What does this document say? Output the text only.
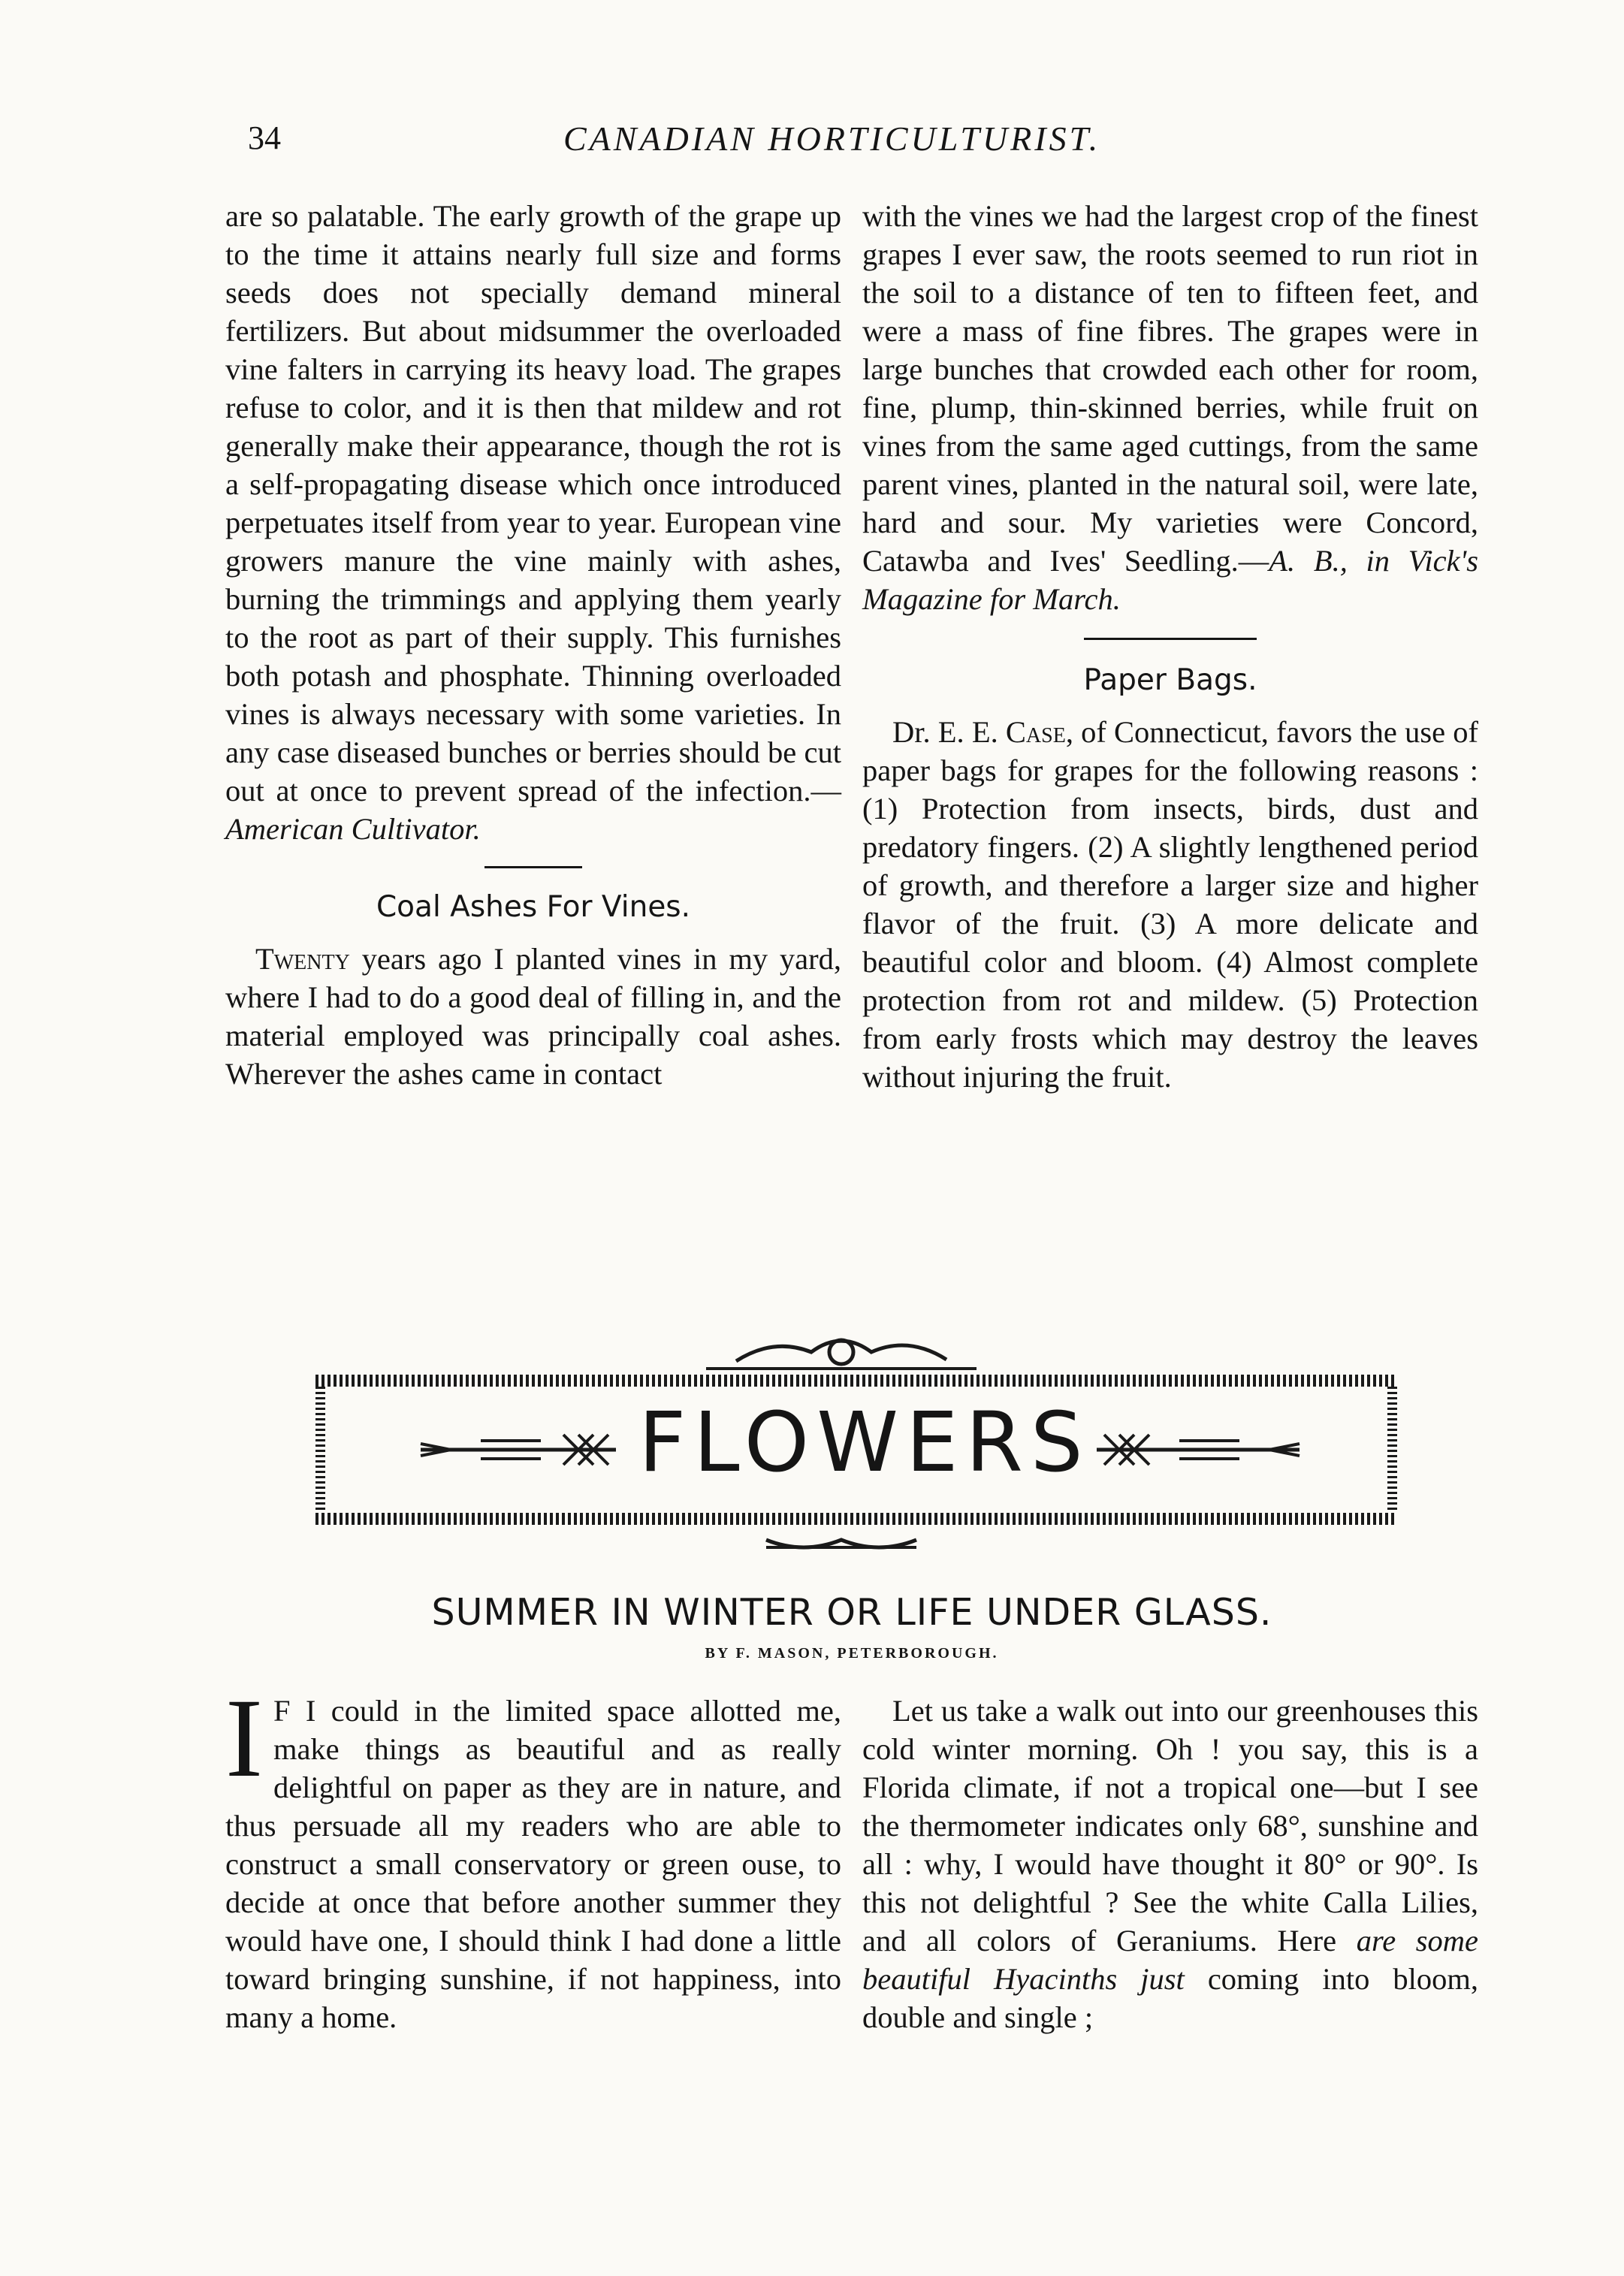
34	CANADIAN HORTICULTURIST.

are so palatable. The early growth of the grape up to the time it attains nearly full size and forms seeds does not specially demand mineral fertilizers. But about midsummer the overloaded vine falters in carrying its heavy load. The grapes refuse to color, and it is then that mildew and rot generally make their appearance, though the rot is a self-propagating disease which once introduced perpetuates itself from year to year. European vine growers manure the vine mainly with ashes, burning the trimmings and applying them yearly to the root as part of their supply. This furnishes both potash and phosphate. Thinning overloaded vines is always necessary with some varieties. In any case diseased bunches or berries should be cut out at once to prevent spread of the infection.—American Cultivator.

Coal Ashes For Vines.

Twenty years ago I planted vines in my yard, where I had to do a good deal of filling in, and the material employed was principally coal ashes. Wherever the ashes came in contact

with the vines we had the largest crop of the finest grapes I ever saw, the roots seemed to run riot in the soil to a distance of ten to fifteen feet, and were a mass of fine fibres. The grapes were in large bunches that crowded each other for room, fine, plump, thin-skinned berries, while fruit on vines from the same aged cuttings, from the same parent vines, planted in the natural soil, were late, hard and sour. My varieties were Concord, Catawba and Ives' Seedling.—A. B., in Vick's Magazine for March.

Paper Bags.

Dr. E. E. Case, of Connecticut, favors the use of paper bags for grapes for the following reasons : (1) Protection from insects, birds, dust and predatory fingers. (2) A slightly lengthened period of growth, and therefore a larger size and higher flavor of the fruit. (3) A more delicate and beautiful color and bloom. (4) Almost complete protection from rot and mildew. (5) Protection from early frosts which may destroy the leaves without injuring the fruit.

FLOWERS
SUMMER IN WINTER OR LIFE UNDER GLASS.
BY F. MASON, PETERBOROUGH.

I F I could in the limited space allotted me, make things as beautiful and as really delightful on paper as they are in nature, and thus persuade all my readers who are able to construct a small conservatory or green ouse, to decide at once that before another summer they would have one, I should think I had done a little toward bringing sunshine, if not happiness, into many a home.

Let us take a walk out into our greenhouses this cold winter morning. Oh ! you say, this is a Florida climate, if not a tropical one—but I see the thermometer indicates only 68°, sunshine and all : why, I would have thought it 80° or 90°. Is this not delightful ? See the white Calla Lilies, and all colors of Geraniums. Here are some beautiful Hyacinths just coming into bloom, double and single ;
